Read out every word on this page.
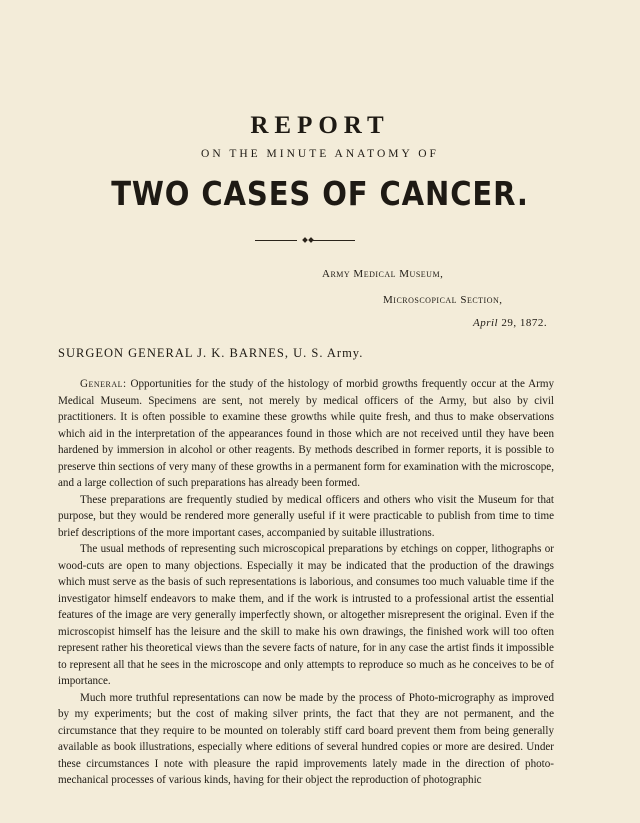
REPORT
ON THE MINUTE ANATOMY OF
TWO CASES OF CANCER.
Army Medical Museum,
Microscopical Section,
April 29, 1872.
SURGEON GENERAL J. K. BARNES, U. S. Army.

General: Opportunities for the study of the histology of morbid growths frequently occur at the Army Medical Museum. Specimens are sent, not merely by medical officers of the Army, but also by civil practitioners. It is often possible to examine these growths while quite fresh, and thus to make observations which aid in the interpretation of the appearances found in those which are not received until they have been hardened by immersion in alcohol or other reagents. By methods described in former reports, it is possible to preserve thin sections of very many of these growths in a permanent form for examination with the microscope, and a large collection of such preparations has already been formed.

These preparations are frequently studied by medical officers and others who visit the Museum for that purpose, but they would be rendered more generally useful if it were practicable to publish from time to time brief descriptions of the more important cases, accompanied by suitable illustrations.

The usual methods of representing such microscopical preparations by etchings on copper, lithographs or wood-cuts are open to many objections. Especially it may be indicated that the production of the drawings which must serve as the basis of such representations is laborious, and consumes too much valuable time if the investigator himself endeavors to make them, and if the work is intrusted to a professional artist the essential features of the image are very generally imperfectly shown, or altogether misrepresent the original. Even if the microscopist himself has the leisure and the skill to make his own drawings, the finished work will too often represent rather his theoretical views than the severe facts of nature, for in any case the artist finds it impossible to represent all that he sees in the microscope and only attempts to reproduce so much as he conceives to be of importance.

Much more truthful representations can now be made by the process of Photo-micrography as improved by my experiments; but the cost of making silver prints, the fact that they are not permanent, and the circumstance that they require to be mounted on tolerably stiff card board prevent them from being generally available as book illustrations, especially where editions of several hundred copies or more are desired. Under these circumstances I note with pleasure the rapid improvements lately made in the direction of photo-mechanical processes of various kinds, having for their object the reproduction of photographic
